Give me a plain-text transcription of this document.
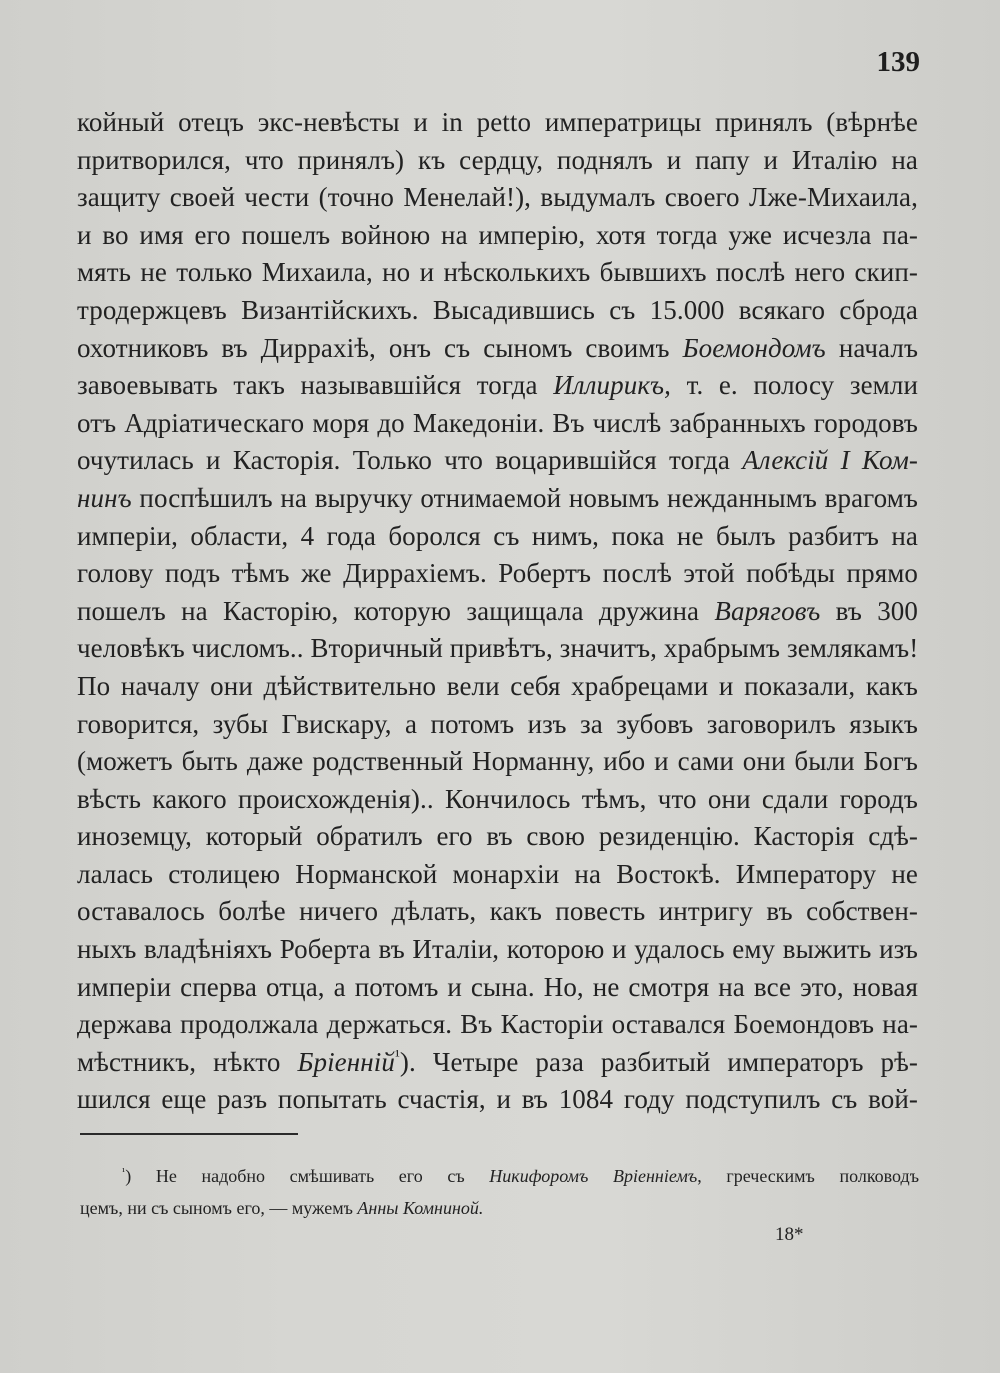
139
койный отецъ экс-невѣсты и in petto императрицы принялъ (вѣрнѣе
притворился, что принялъ) къ сердцу, поднялъ и папу и Италію на
защиту своей чести (точно Менелай!), выдумалъ своего Лже-Михаила,
и во имя его пошелъ войною на имперію, хотя тогда уже исчезла па-
мять не только Михаила, но и нѣсколькихъ бывшихъ послѣ него скип-
тродержцевъ Византійскихъ. Высадившись съ 15.000 всякаго сброда
охотниковъ въ Диррахіѣ, онъ съ сыномъ своимъ Боемондомъ началъ
завоевывать такъ называвшійся тогда Иллирикъ, т. е. полосу земли
отъ Адріатическаго моря до Македоніи. Въ числѣ забранныхъ городовъ
очутилась и Касторія. Только что воцарившійся тогда Алексій I Ком-
нинъ поспѣшилъ на выручку отнимаемой новымъ нежданнымъ врагомъ
имперіи, области, 4 года боролся съ нимъ, пока не былъ разбитъ на
голову подъ тѣмъ же Диррахіемъ. Робертъ послѣ этой побѣды прямо
пошелъ на Касторію, которую защищала дружина Варяговъ въ 300
человѣкъ числомъ.. Вторичный привѣтъ, значитъ, храбрымъ землякамъ!
По началу они дѣйствительно вели себя храбрецами и показали, какъ
говорится, зубы Гвискару, а потомъ изъ за зубовъ заговорилъ языкъ
(можетъ быть даже родственный Норманну, ибо и сами они были Богъ
вѣсть какого происхожденія).. Кончилось тѣмъ, что они сдали городъ
иноземцу, который обратилъ его въ свою резиденцію. Касторія сдѣ-
лалась столицею Норманской монархіи на Востокѣ. Императору не
оставалось болѣе ничего дѣлать, какъ повесть интригу въ собствен-
ныхъ владѣніяхъ Роберта въ Италіи, которою и удалось ему выжить изъ
имперіи сперва отца, а потомъ и сына. Но, не смотря на все это, новая
держава продолжала держаться. Въ Касторіи оставался Боемондовъ на-
мѣстникъ, нѣкто Бріенній$^{^1}$). Четыре раза разбитый императоръ рѣ-
шился еще разъ попытать счастія, и въ 1084 году подступилъ съ вой-
$^{^1}$) Не надобно смѣшивать его съ Никифоромъ Вріенніемъ, греческимъ полководъ
цемъ, ни съ сыномъ его, — мужемъ Анны Комниной.
18*
